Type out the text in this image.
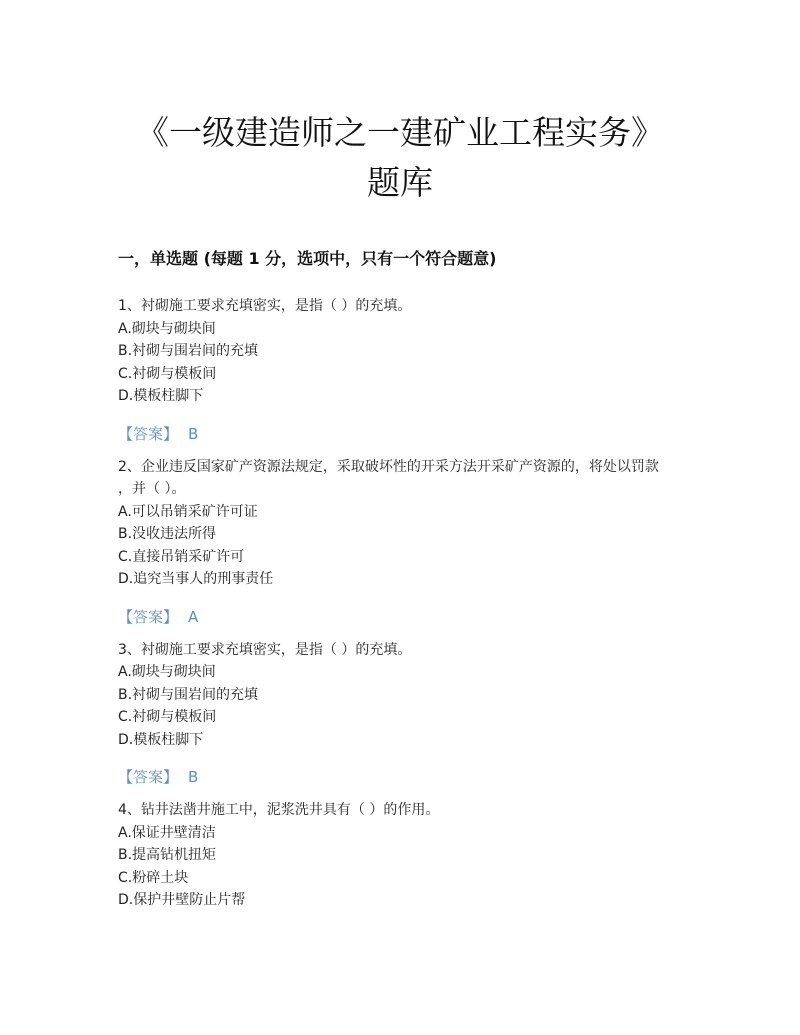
《一级建造师之一建矿业工程实务》
题库
一，单选题 (每题 1 分，选项中，只有一个符合题意)
1、衬砌施工要求充填密实，是指（ ）的充填。
A.砌块与砌块间
B.衬砌与围岩间的充填
C.衬砌与模板间
D.模板柱脚下
【答案】 B
2、企业违反国家矿产资源法规定，采取破坏性的开采方法开采矿产资源的，将处以罚款
，并（ ）。
A.可以吊销采矿许可证
B.没收违法所得
C.直接吊销采矿许可
D.追究当事人的刑事责任
【答案】 A
3、衬砌施工要求充填密实，是指（ ）的充填。
A.砌块与砌块间
B.衬砌与围岩间的充填
C.衬砌与模板间
D.模板柱脚下
【答案】 B
4、钻井法凿井施工中，泥浆洗井具有（ ）的作用。
A.保证井壁清洁
B.提高钻机扭矩
C.粉碎土块
D.保护井壁防止片帮
